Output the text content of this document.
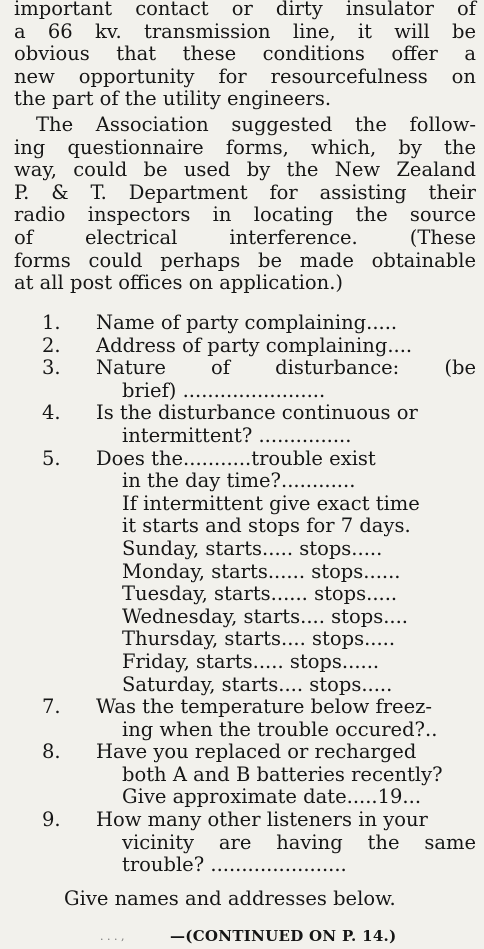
important contact or dirty insulator of
a 66 kv. transmission line, it will be
obvious that these conditions offer a
new opportunity for resourcefulness on
the part of the utility engineers.
The Association suggested the follow-
ing questionnaire forms, which, by the
way, could be used by the New Zealand
P. & T. Department for assisting their
radio inspectors in locating the source
of electrical interference. (These
forms could perhaps be made obtainable
at all post offices on application.)
1.	Name of party complaining.....
2.	Address of party complaining....
3.	Nature of disturbance: (be
brief) .......................
4.	Is the disturbance continuous or
intermittent? ...............
5.	Does the...........trouble exist
in the day time?............
If intermittent give exact time
it starts and stops for 7 days.
Sunday, starts..... stops.....
Monday, starts...... stops......
Tuesday, starts...... stops.....
Wednesday, starts.... stops....
Thursday, starts.... stops.....
Friday, starts..... stops......
Saturday, starts.... stops.....
7.	Was the temperature below freez-
ing when the trouble occured?..
8.	Have you replaced or recharged
both A and B batteries recently?
Give approximate date.....19...
9.	How many other listeners in your
vicinity are having the same
trouble? ......................
Give names and addresses below.
. . . ,	—(CONTINUED ON P. 14.)
